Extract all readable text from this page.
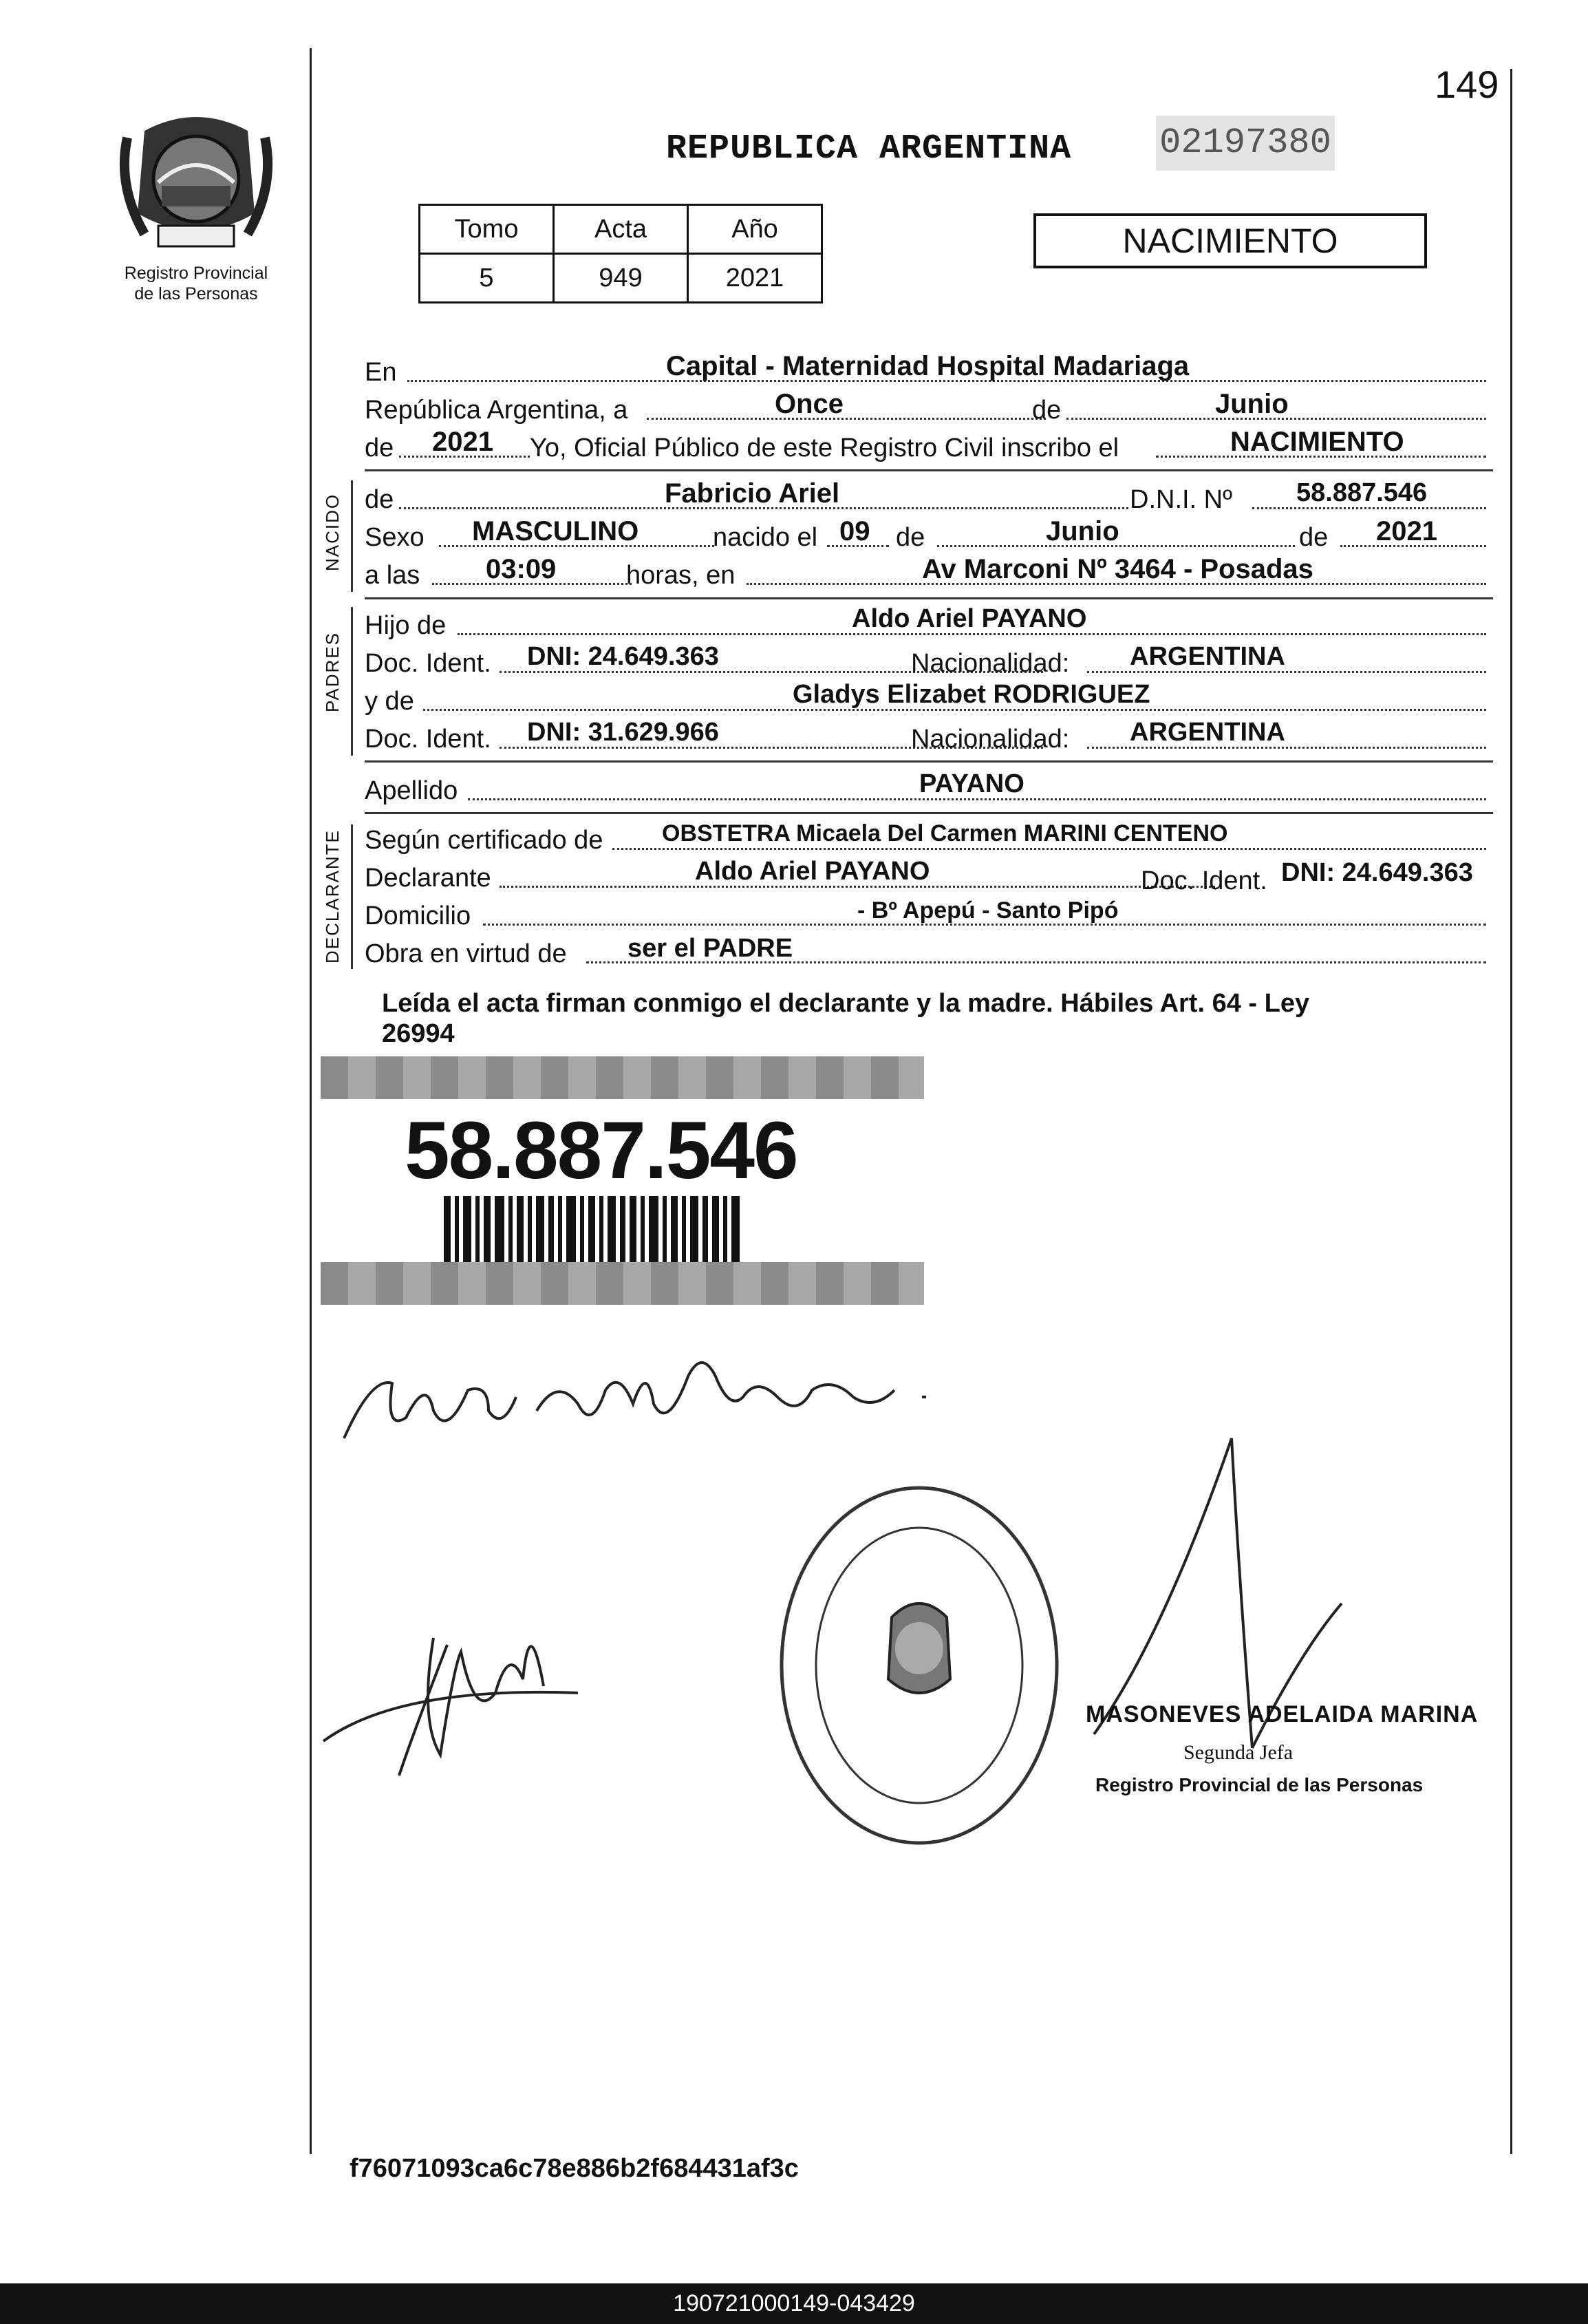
149
Registro Provincial
de las Personas
REPUBLICA ARGENTINA 02197380
Tomo	Acta	Año
5	949	2021
NACIMIENTO
En	Capital - Maternidad Hospital Madariaga
República Argentina, a	Once	de	Junio
de 2021 Yo, Oficial Público de este Registro Civil inscribo el	NACIMIENTO
NACIDO de	Fabricio Ariel	D.N.I. Nº 58.887.546
Sexo MASCULINO	nacido el 09 de	Junio	de 2021
a las 03:09	horas, en	Av Marconi Nº 3464 - Posadas
PADRES
Hijo de	Aldo Ariel PAYANO
Doc. Ident. DNI: 24.649.363	Nacionalidad: ARGENTINA
y de	Gladys Elizabet RODRIGUEZ
Doc. Ident. DNI: 31.629.966	Nacionalidad: ARGENTINA
Apellido	PAYANO
DECLARANTE Según certificado de	OBSTETRA Micaela Del Carmen MARINI CENTENO
Declarante	Aldo Ariel PAYANO	Doc. Ident. DNI: 24.649.363
Domicilio	- Bº Apepú - Santo Pipó
Obra en virtud de ser el PADRE
Leída el acta firman conmigo el declarante y la madre. Hábiles Art. 64 - Ley
26994
58.887.546
MASONEVES ADELAIDA MARINA
Segunda Jefa
Registro Provincial de las Personas
f76071093ca6c78e886b2f684431af3c
190721000149-043429
